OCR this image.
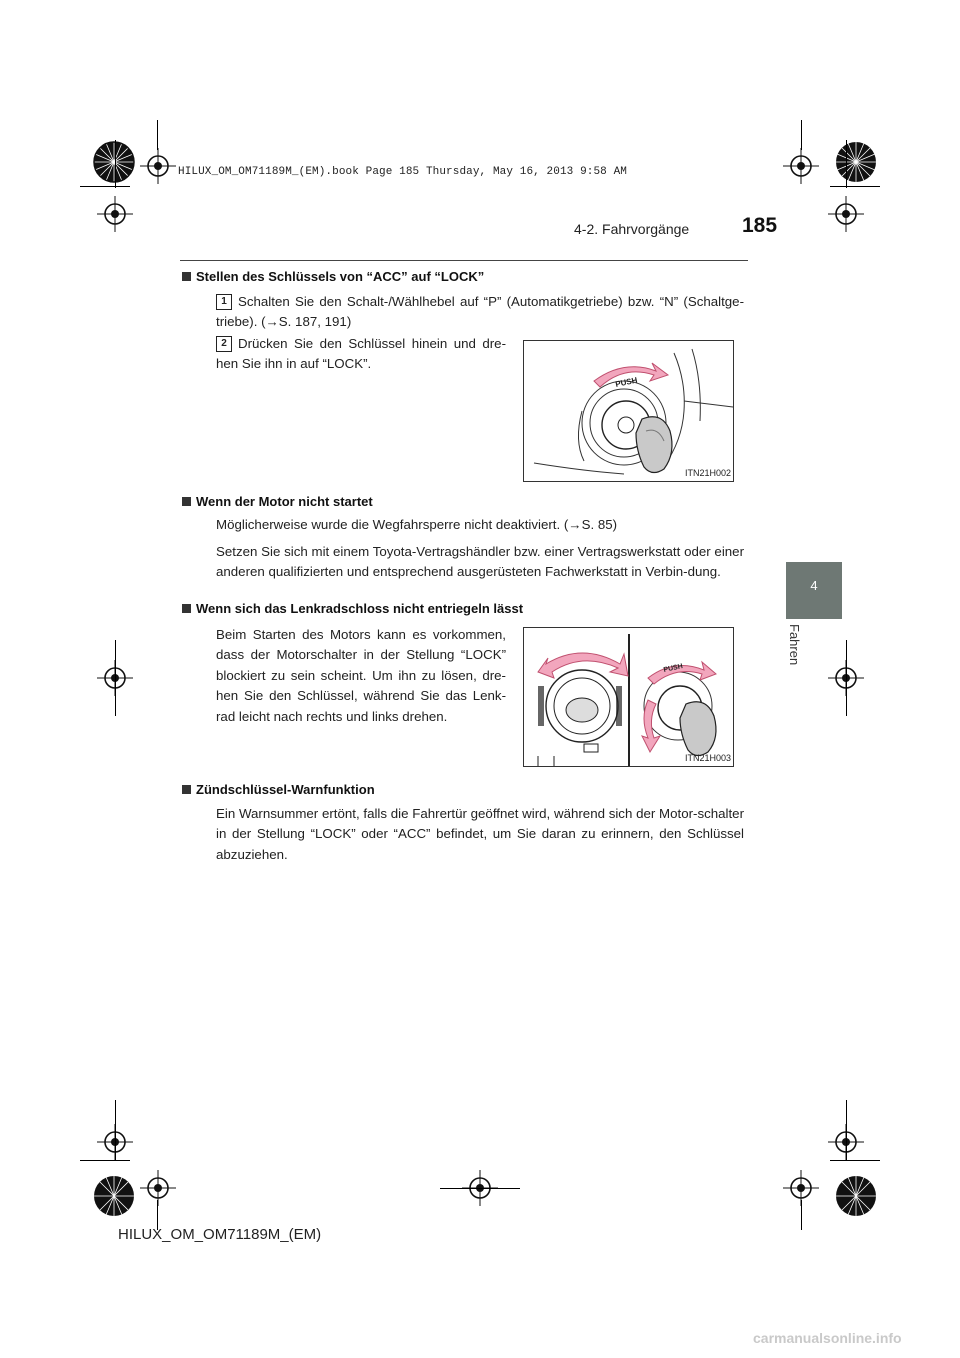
HILUX_OM_OM71189M_(EM).book Page 185 Thursday, May 16, 2013 9:58 AM
4-2. Fahrvorgänge	185
4
Fahren
Stellen des Schlüssels von “ACC” auf “LOCK”
1 Schalten Sie den Schalt-/Wählhebel auf “P” (Automatikgetriebe) bzw. “N” (Schaltge-triebe). (→S. 187, 191)
2 Drücken Sie den Schlüssel hinein und dre-hen Sie ihn in auf “LOCK”.
PUSH
ITN21H002
Wenn der Motor nicht startet
Möglicherweise wurde die Wegfahrsperre nicht deaktiviert. (→S. 85)
Setzen Sie sich mit einem Toyota-Vertragshändler bzw. einer Vertragswerkstatt oder einer anderen qualifizierten und entsprechend ausgerüsteten Fachwerkstatt in Verbin-dung.
Wenn sich das Lenkradschloss nicht entriegeln lässt
Beim Starten des Motors kann es vorkommen, dass der Motorschalter in der Stellung “LOCK” blockiert zu sein scheint. Um ihn zu lösen, dre-hen Sie den Schlüssel, während Sie das Lenk-rad leicht nach rechts und links drehen.
PUSH
ITN21H003
Zündschlüssel-Warnfunktion
Ein Warnsummer ertönt, falls die Fahrertür geöffnet wird, während sich der Motor-schalter in der Stellung “LOCK” oder “ACC” befindet, um Sie daran zu erinnern, den Schlüssel abzuziehen.
HILUX_OM_OM71189M_(EM)
carmanualsonline.info
